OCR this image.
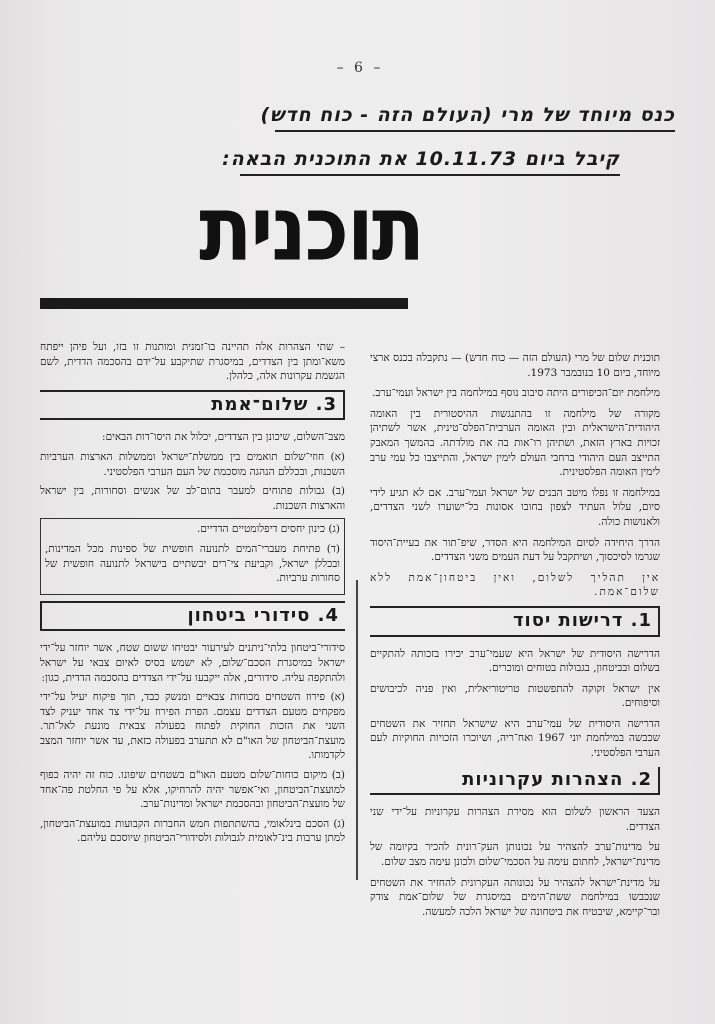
– 6 –
כנס מיוחד של מרי (העולם הזה - כוח חדש)
קיבל ביום 10.11.73 את התוכנית הבאה:
תוכנית

תוכנית שלום של מרי (העולם הזה — כוח חדש) — נתקבלה בכנס ארצי מיוחד, ביום 10 בנובמבר 1973.

מילחמת יום־הכיפורים היתה סיבוב נוסף במילחמה בין ישראל ועמי־ערב.

מקורה של מילחמה זו בהתנגשות ההיסטורית בין האומה היהודית־הישראלית ובין האומה הערבית־הפלס־טינית, אשר לשתיהן זכויות בארץ הזאת, ושתיהן רו־אות בה את מולדתה. בהמשך המאבק התייצב העם היהודי ברחבי העולם לימין ישראל, והתייצבו כל עמי ערב לימין האומה הפלסטינית.

במילחמה זו נפלו מיטב הבנים של ישראל ועמי־ערב. אם לא תגיע לידי סיום, עלול העתיד לצפון בחובו אסונות בל־ישוערו לשני הצדדים, ולאנושות כולה.

הדרך היחידה לסיום המילחמה היא הסדר, שיפ־תור את בעיית־היסוד שגרמו לסיכסוך, ושיתקבל על דעת העמים משני הצדדים.

אין תהליך לשלום, ואין ביטחון־אמת ללא שלום־אמת.

1. דרישות יסוד

הדרישה היסודית של ישראל היא שעמי־ערב יכירו בזכותה להתקיים בשלום ובביטחון, בגבולות בטוחים ומוכרים.

אין ישראל זקוקה להתפשטות טריטוריאלית, ואין פניה לכיבושים וסיפוחים.

הדרישה היסודית של עמי־ערב היא שישראל תחזיר את השטחים שכבשה במילחמת יוני 1967 ואח־ריה, ושיוכרו הזכויות החוקיות לעם הערבי הפלסטיני.

2. הצהרות עקרוניות

הצעד הראשון לשלום הוא מסירת הצהרות עקרוניות על־ידי שני הצדדים.

על מדינות־ערב להצהיר על נכונותן העק־רונית להכיר בקיומה של מדינת־ישראל, לחתום עימה על הסכמי־שלום ולכונן עימה מצב שלום.

על מדינת־ישראל להצהיר על נכונותה העקרונית להחזיר את השטחים שנכבשו במילחמת ששת־הימים במיסגרת של שלום־אמת צודק ובר־קיימא, שיבטיח את ביטחונה של ישראל הלכה למעשה.

– שתי הצהרות אלה תהיינה בו־זמנית ומותנות זו בזו, ועל פיהן ייפתח משא־ומתן בין הצדדים, במיסגרת שתיקבע על־ידם בהסכמה הדדית, לשם הגשמת עקרונות אלה, כלהלן.

3. שלום־אמת

מצב־השלום, שיכונן בין הצדדים, יכלול את היסו־דות הבאים:

(א) חוזי־שלום תואמים בין ממשלת־ישראל וממשלות הארצות הערביות השכנות, ובכללם הנהגה מוסכמת של העם הערבי הפלסטיני.

(ב) גבולות פתוחים למעבר בתום־לב של אנשים וסחורות, בין ישראל והארצות השכנות.

(ג) כינון יחסים דיפלומטיים הדדיים.

(ד) פתיחת מעברי־המים לתנועה חופשית של ספינות מכל המדינות, ובכללן ישראל, וקביעת צי־רים יבשתיים בישראל לתנועה חופשית של סחורות ערביות.

4. סידורי ביטחון

סידורי־ביטחון בלתי־ניתנים לעירעור יבטיחו ששום שטח, אשר יוחזר על־ידי ישראל במיסגרת הסכם־שלום, לא ישמש בסיס לאיום צבאי על ישראל ולהתקפה עליה. סידורים, אלה ייקבעו על־ידי הצדדים בהסכמה הדדית, כגון:

(א) פירוז השטחים מכוחות צבאיים ומנשק כבד, תוך פיקוח יעיל על־ידי מפקחים מטעם הצדדים עצמם. הפרת הפירוז על־ידי צד אחד יעניק לצד השני את הזכות החוקית לפתוח בפעולה צבאית מונעת לאל־תר. מועצת־הביטחון של האו"ם לא תתערב בפעולה כזאת, עד אשר יוחזר המצב לקדמותו.

(ב) מיקום כוחות־שלום מטעם האו"ם בשטחים שיפונו. כוח זה יהיה כפוף למועצת־הביטחון, ואי־אפשר יהיה להרחיקו, אלא על פי החלטת פה־אחד של מועצת־הביטחון ובהסכמת ישראל ומדינות־ערב.

(ג) הסכם בינלאומי, בהשתתפות חמש החברות הקבועות במועצת־הביטחון, למתן ערבות בינ־לאומית לגבולות ולסידורי־הביטחון שיוסכם עליהם.
